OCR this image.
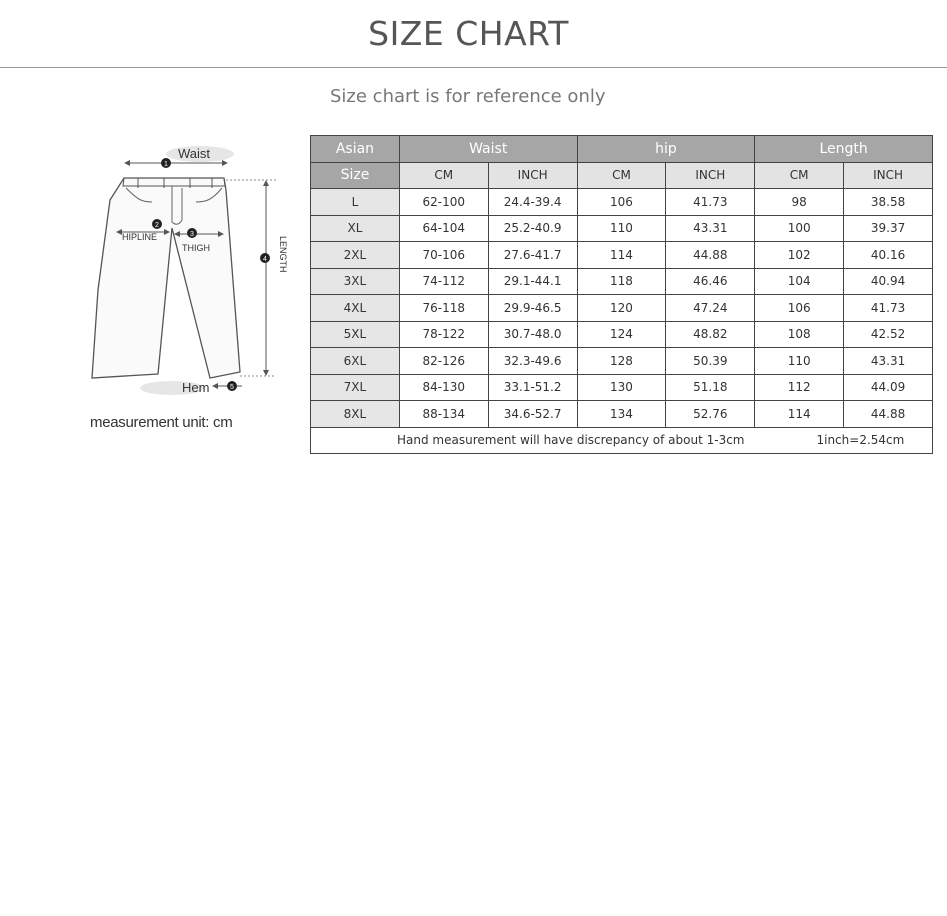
SIZE CHART
Size chart is for reference only
1
Waist
2
HIPLINE	3
THIGH
4 LENGTH
5
Hem
measurement unit: cm
Asian	Waist		hip		Length	
Size	CM	INCH	CM	INCH	CM	INCH
L	62-100	24.4-39.4	106	41.73	98	38.58
XL	64-104	25.2-40.9	110	43.31	100	39.37
2XL	70-106	27.6-41.7	114	44.88	102	40.16
3XL	74-112	29.1-44.1	118	46.46	104	40.94
4XL	76-118	29.9-46.5	120	47.24	106	41.73
5XL	78-122	30.7-48.0	124	48.82	108	42.52
6XL	82-126	32.3-49.6	128	50.39	110	43.31
7XL	84-130	33.1-51.2	130	51.18	112	44.09
8XL	88-134	34.6-52.7	134	52.76	114	44.88
Hand measurement will have discrepancy of about 1-3cm 1inch=2.54cm						
